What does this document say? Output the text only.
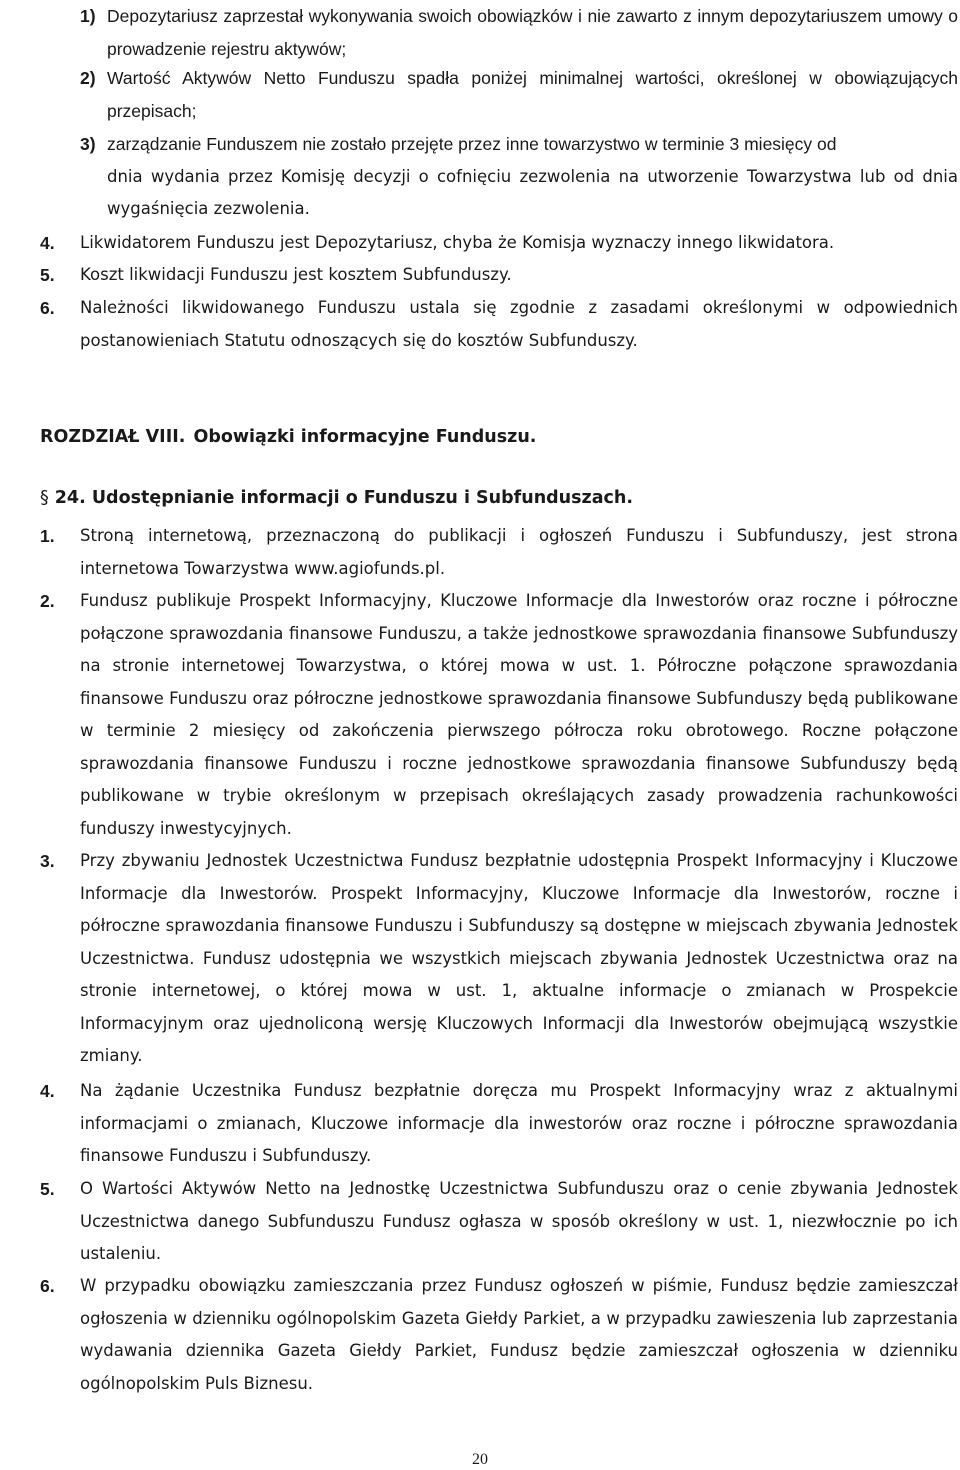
1) Depozytariusz zaprzestał wykonywania swoich obowiązków i nie zawarto z innym depozytariuszem umowy o prowadzenie rejestru aktywów;
2) Wartość Aktywów Netto Funduszu spadła poniżej minimalnej wartości, określonej w obowiązujących przepisach;
3) zarządzanie Funduszem nie zostało przejęte przez inne towarzystwo w terminie 3 miesięcy od
dnia wydania przez Komisję decyzji o cofnięciu zezwolenia na utworzenie Towarzystwa lub od dnia wygaśnięcia zezwolenia.
4. Likwidatorem Funduszu jest Depozytariusz, chyba że Komisja wyznaczy innego likwidatora.
5. Koszt likwidacji Funduszu jest kosztem Subfunduszy.
6. Należności likwidowanego Funduszu ustala się zgodnie z zasadami określonymi w odpowiednich postanowieniach Statutu odnoszących się do kosztów Subfunduszy.
ROZDZIAŁ VIII. Obowiązki informacyjne Funduszu.
§ 24. Udostępnianie informacji o Funduszu i Subfunduszach.
1. Stroną internetową, przeznaczoną do publikacji i ogłoszeń Funduszu i Subfunduszy, jest strona internetowa Towarzystwa www.agiofunds.pl.
2. Fundusz publikuje Prospekt Informacyjny, Kluczowe Informacje dla Inwestorów oraz roczne i półroczne połączone sprawozdania finansowe Funduszu, a także jednostkowe sprawozdania finansowe Subfunduszy na stronie internetowej Towarzystwa, o której mowa w ust. 1. Półroczne połączone sprawozdania finansowe Funduszu oraz półroczne jednostkowe sprawozdania finansowe Subfunduszy będą publikowane w terminie 2 miesięcy od zakończenia pierwszego półrocza roku obrotowego. Roczne połączone sprawozdania finansowe Funduszu i roczne jednostkowe sprawozdania finansowe Subfunduszy będą publikowane w trybie określonym w przepisach określających zasady prowadzenia rachunkowości funduszy inwestycyjnych.
3. Przy zbywaniu Jednostek Uczestnictwa Fundusz bezpłatnie udostępnia Prospekt Informacyjny i Kluczowe Informacje dla Inwestorów. Prospekt Informacyjny, Kluczowe Informacje dla Inwestorów, roczne i półroczne sprawozdania finansowe Funduszu i Subfunduszy są dostępne w miejscach zbywania Jednostek Uczestnictwa. Fundusz udostępnia we wszystkich miejscach zbywania Jednostek Uczestnictwa oraz na stronie internetowej, o której mowa w ust. 1, aktualne informacje o zmianach w Prospekcie Informacyjnym oraz ujednoliconą wersję Kluczowych Informacji dla Inwestorów obejmującą wszystkie zmiany.
4. Na żądanie Uczestnika Fundusz bezpłatnie doręcza mu Prospekt Informacyjny wraz z aktualnymi informacjami o zmianach, Kluczowe informacje dla inwestorów oraz roczne i półroczne sprawozdania finansowe Funduszu i Subfunduszy.
5. O Wartości Aktywów Netto na Jednostkę Uczestnictwa Subfunduszu oraz o cenie zbywania Jednostek Uczestnictwa danego Subfunduszu Fundusz ogłasza w sposób określony w ust. 1, niezwłocznie po ich ustaleniu.
6. W przypadku obowiązku zamieszczania przez Fundusz ogłoszeń w piśmie, Fundusz będzie zamieszczał ogłoszenia w dzienniku ogólnopolskim Gazeta Giełdy Parkiet, a w przypadku zawieszenia lub zaprzestania wydawania dziennika Gazeta Giełdy Parkiet, Fundusz będzie zamieszczał ogłoszenia w dzienniku ogólnopolskim Puls Biznesu.
20
